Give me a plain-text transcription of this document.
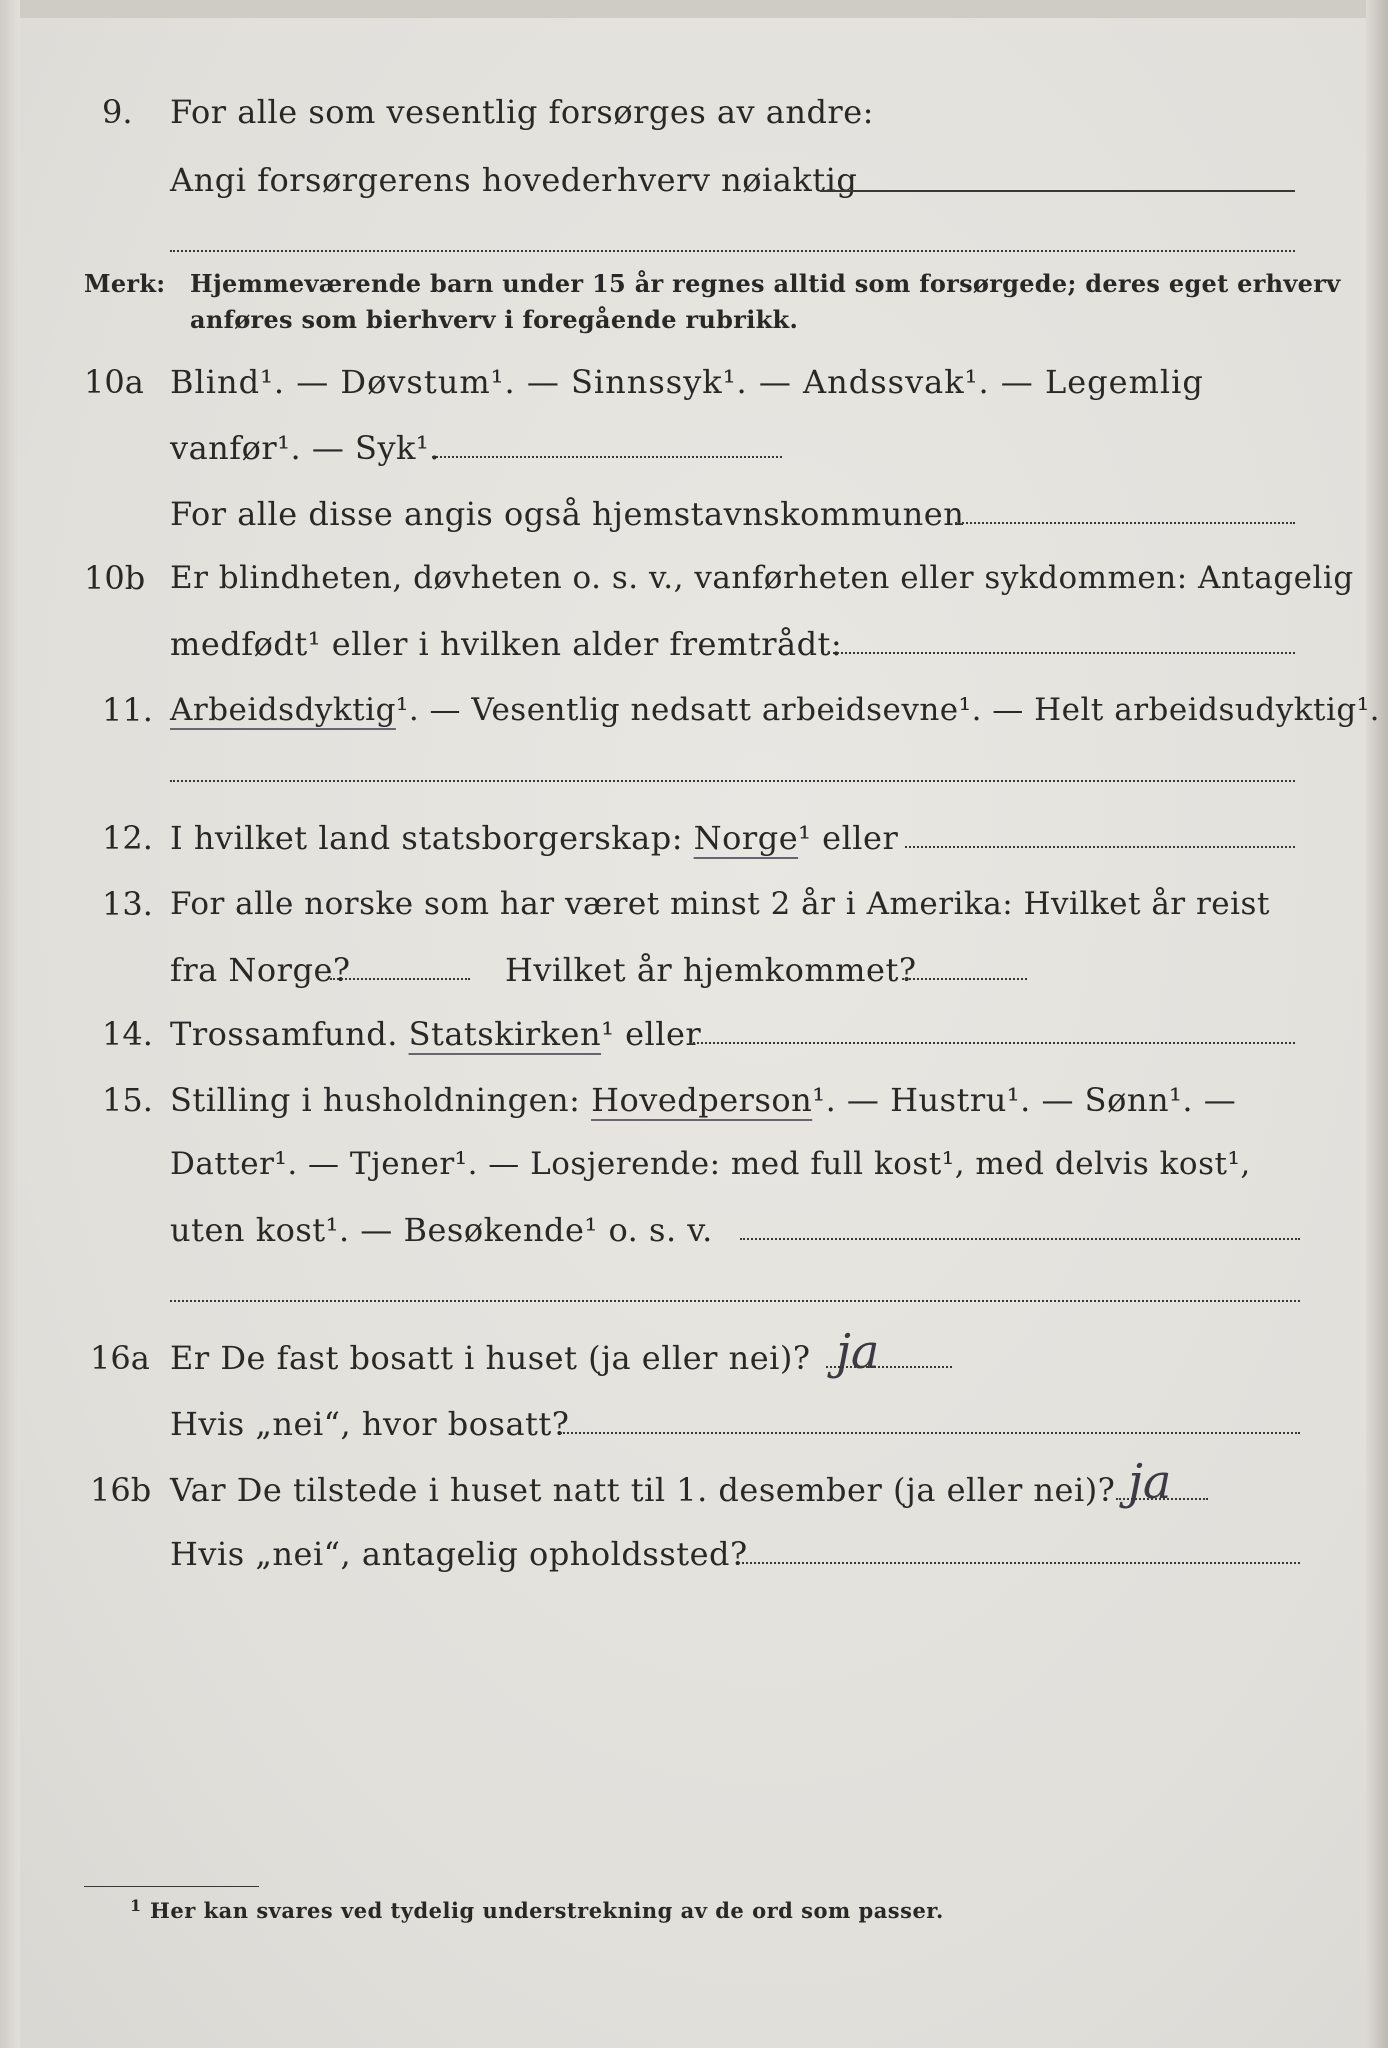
9. For alle som vesentlig forsørges av andre:
Angi forsørgerens hovederhverv nøiaktig
Merk: Hjemmeværende barn under 15 år regnes alltid som forsørgede; deres eget erhverv
anføres som bierhverv i foregående rubrikk.
10a Blind¹. — Døvstum¹. — Sinnssyk¹. — Andssvak¹. — Legemlig
vanfør¹. — Syk¹.
For alle disse angis også hjemstavnskommunen
10b Er blindheten, døvheten o. s. v., vanførheten eller sykdommen: Antagelig
medfødt¹ eller i hvilken alder fremtrådt:
11. Arbeidsdyktig¹. — Vesentlig nedsatt arbeidsevne¹. — Helt arbeidsudyktig¹.
12. I hvilket land statsborgerskap: Norge¹ eller
13. For alle norske som har været minst 2 år i Amerika: Hvilket år reist
fra Norge?	Hvilket år hjemkommet?
14. Trossamfund. Statskirken¹ eller
15. Stilling i husholdningen: Hovedperson¹. — Hustru¹. — Sønn¹. —
Datter¹. — Tjener¹. — Losjerende: med full kost¹, med delvis kost¹,
uten kost¹. — Besøkende¹ o. s. v.
16a Er De fast bosatt i huset (ja eller nei)? ja
Hvis „nei“, hvor bosatt?
16b Var De tilstede i huset natt til 1. desember (ja eller nei)? ja
Hvis „nei“, antagelig opholdssted?
1 Her kan svares ved tydelig understrekning av de ord som passer.
